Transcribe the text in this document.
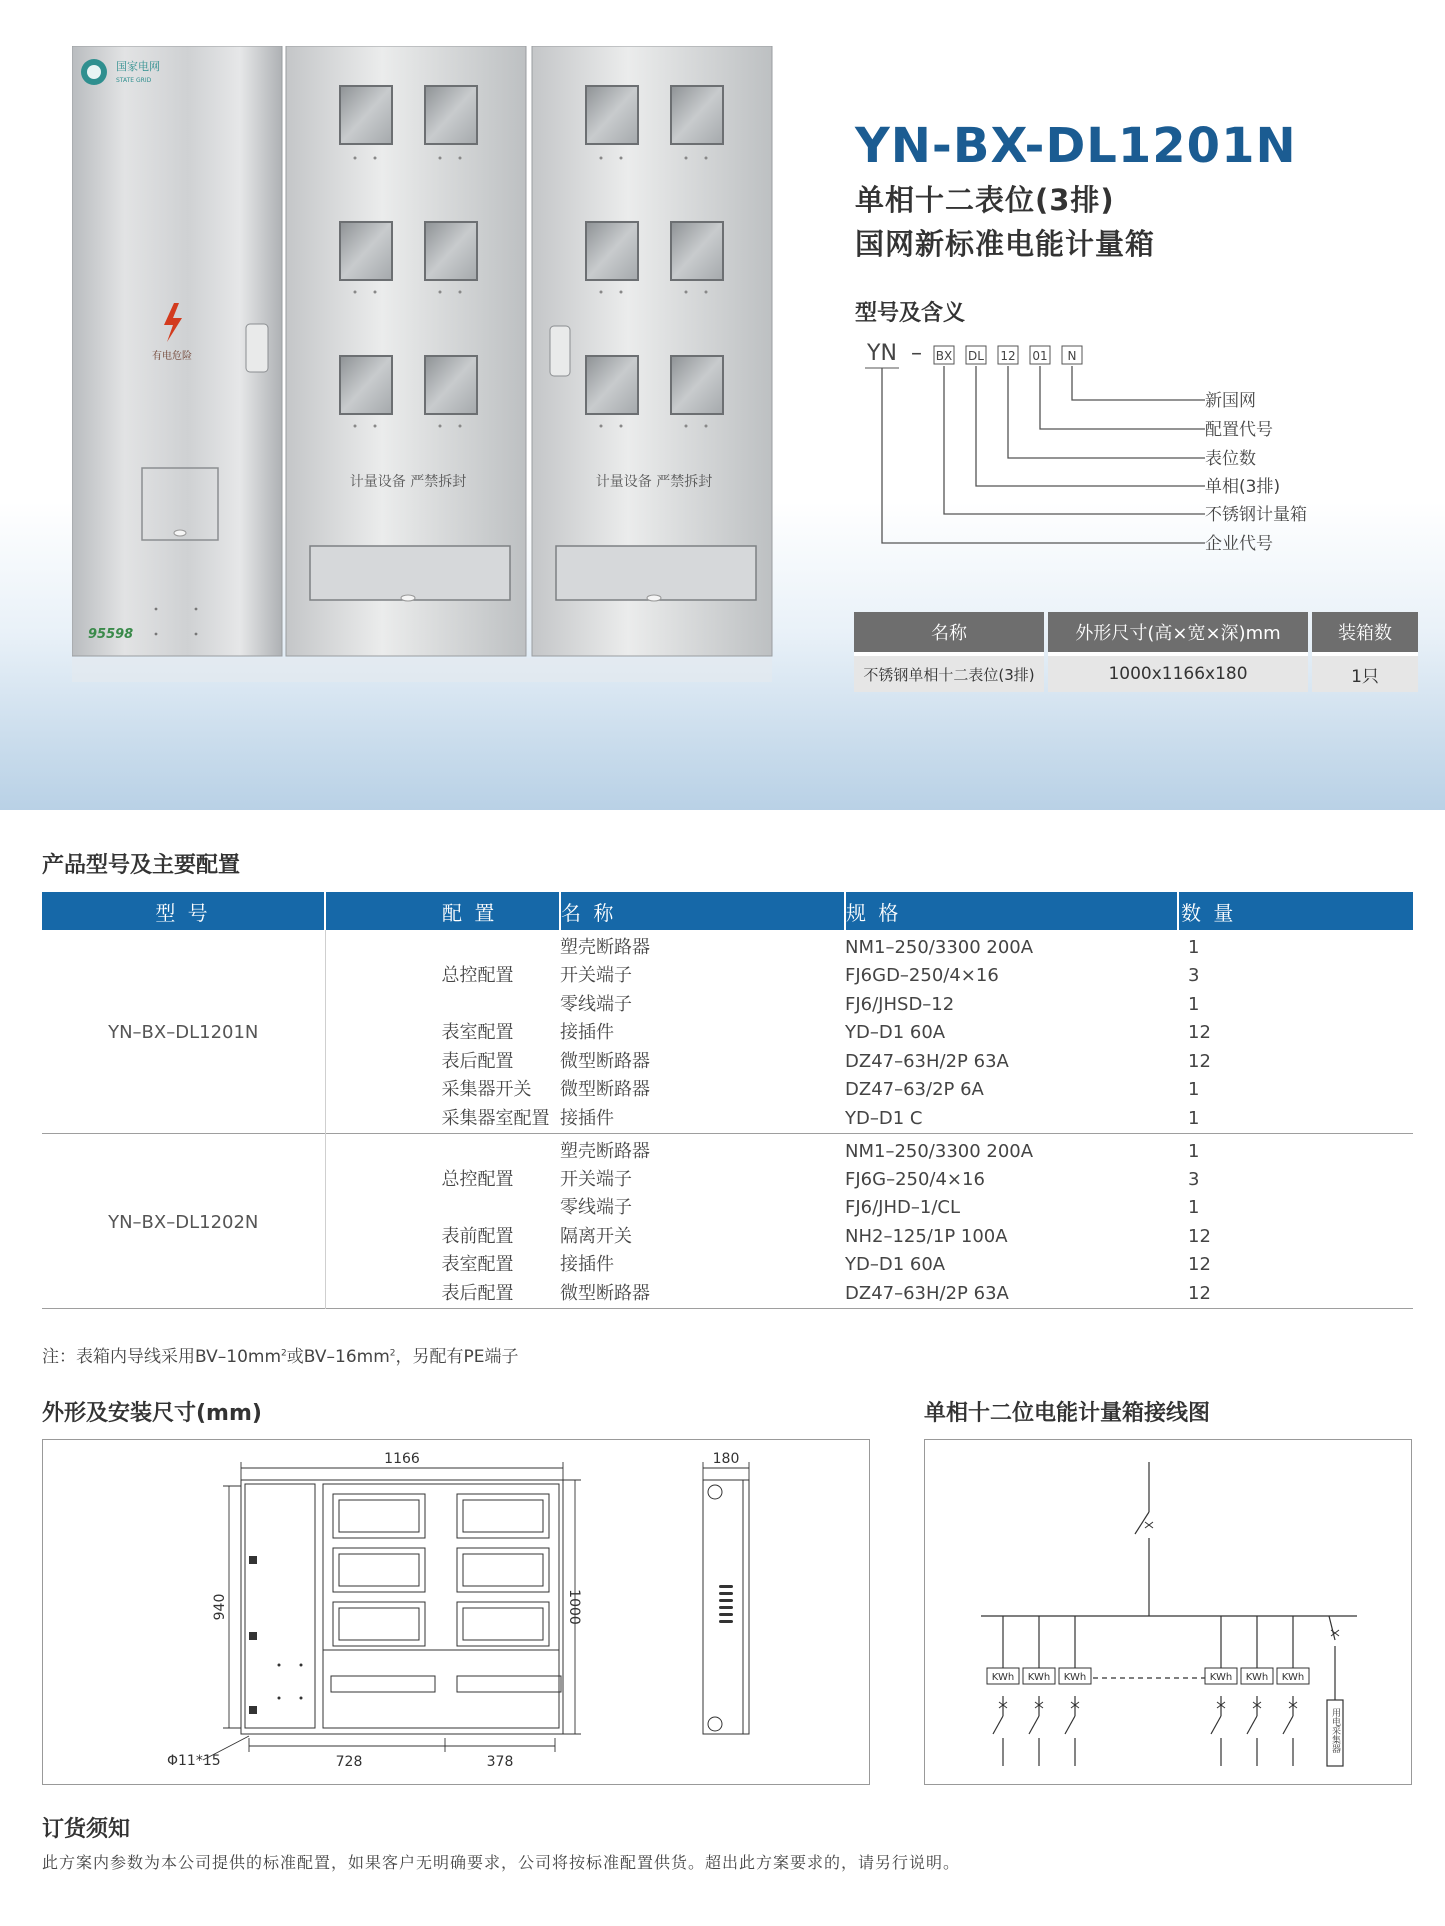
国家电网
STATE GRID
有电危险
95598
计量设备 严禁拆封	计量设备 严禁拆封
YN-BX-DL1201N
单相十二表位(3排)
国网新标准电能计量箱
型号及含义
YN – BX DL 12 01 N
新国网
配置代号
表位数
单相(3排)
不锈钢计量箱
企业代号
名称	外形尺寸(高×宽×深)mm	装箱数
不锈钢单相十二表位(3排)	1000x1166x180	1只
产品型号及主要配置
型 号	配 置	名 称	规 格	数 量
YN–BX–DL1201N		塑壳断路器	NM1–250/3300 200A	1
	总控配置	开关端子	FJ6GD–250/4×16	3
		零线端子	FJ6/JHSD–12	1
	表室配置	接插件	YD–D1 60A	12
	表后配置	微型断路器	DZ47–63H/2P 63A	12
	采集器开关	微型断路器	DZ47–63/2P 6A	1
	采集器室配置	接插件	YD–D1 C	1
YN–BX–DL1202N		塑壳断路器	NM1–250/3300 200A	1
	总控配置	开关端子	FJ6G–250/4×16	3
		零线端子	FJ6/JHD–1/CL	1
	表前配置	隔离开关	NH2–125/1P 100A	12
	表室配置	接插件	YD–D1 60A	12
	表后配置	微型断路器	DZ47–63H/2P 63A	12
注：表箱内导线采用$BV-10mm^2$或$BV-16mm^2$，另配有PE端子
外形及安装尺寸(mm)	单相十二位电能计量箱接线图
1166	180
940	1000
728	378
Φ11*15
KWh KWh KWh	KWh KWh KWh
用电采集器
订货须知
此方案内参数为本公司提供的标准配置，如果客户无明确要求，公司将按标准配置供货。超出此方案要求的，请另行说明。
